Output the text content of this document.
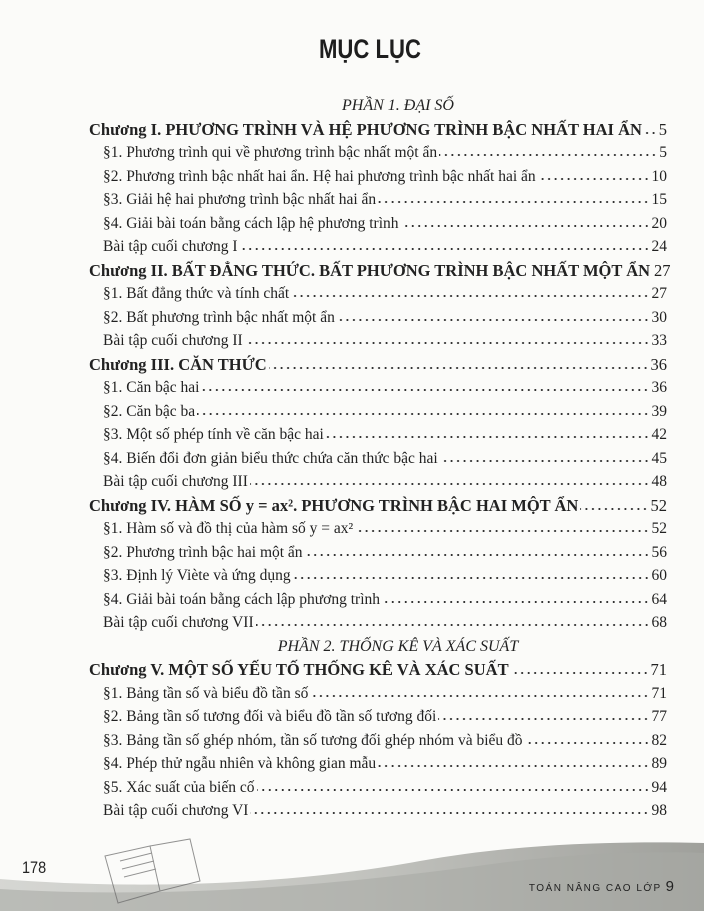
MỤC LỤC
PHẦN 1. ĐẠI SỐ
Chương I. PHƯƠNG TRÌNH VÀ HỆ PHƯƠNG TRÌNH BẬC NHẤT HAI ẨN 5
§1. Phương trình qui về phương trình bậc nhất một ẩn	5
§2. Phương trình bậc nhất hai ẩn. Hệ hai phương trình bậc nhất hai ẩn	10
§3. Giải hệ hai phương trình bậc nhất hai ẩn	15
§4. Giải bài toán bằng cách lập hệ phương trình	20
Bài tập cuối chương I	24
Chương II. BẤT ĐẲNG THỨC. BẤT PHƯƠNG TRÌNH BẬC NHẤT MỘT ẨN 27
§1. Bất đẳng thức và tính chất	27
§2. Bất phương trình bậc nhất một ẩn	30
Bài tập cuối chương II	33
Chương III. CĂN THỨC	36
§1. Căn bậc hai	36
§2. Căn bậc ba	39
§3. Một số phép tính về căn bậc hai	42
§4. Biến đổi đơn giản biểu thức chứa căn thức bậc hai	45
Bài tập cuối chương III	48
Chương IV. HÀM SỐ y = ax². PHƯƠNG TRÌNH BẬC HAI MỘT ẨN	52
§1. Hàm số và đồ thị của hàm số y = ax²	52
§2. Phương trình bậc hai một ẩn	56
§3. Định lý Viète và ứng dụng	60
§4. Giải bài toán bằng cách lập phương trình	64
Bài tập cuối chương VII	68
PHẦN 2. THỐNG KÊ VÀ XÁC SUẤT
Chương V. MỘT SỐ YẾU TỐ THỐNG KÊ VÀ XÁC SUẤT	71
§1. Bảng tần số và biểu đồ tần số	71
§2. Bảng tần số tương đối và biểu đồ tần số tương đối	77
§3. Bảng tần số ghép nhóm, tần số tương đối ghép nhóm và biểu đồ	82
§4. Phép thử ngẫu nhiên và không gian mẫu	89
§5. Xác suất của biến cố	94
Bài tập cuối chương VI	98
178
TOÁN NÂNG CAO LỚP 9
